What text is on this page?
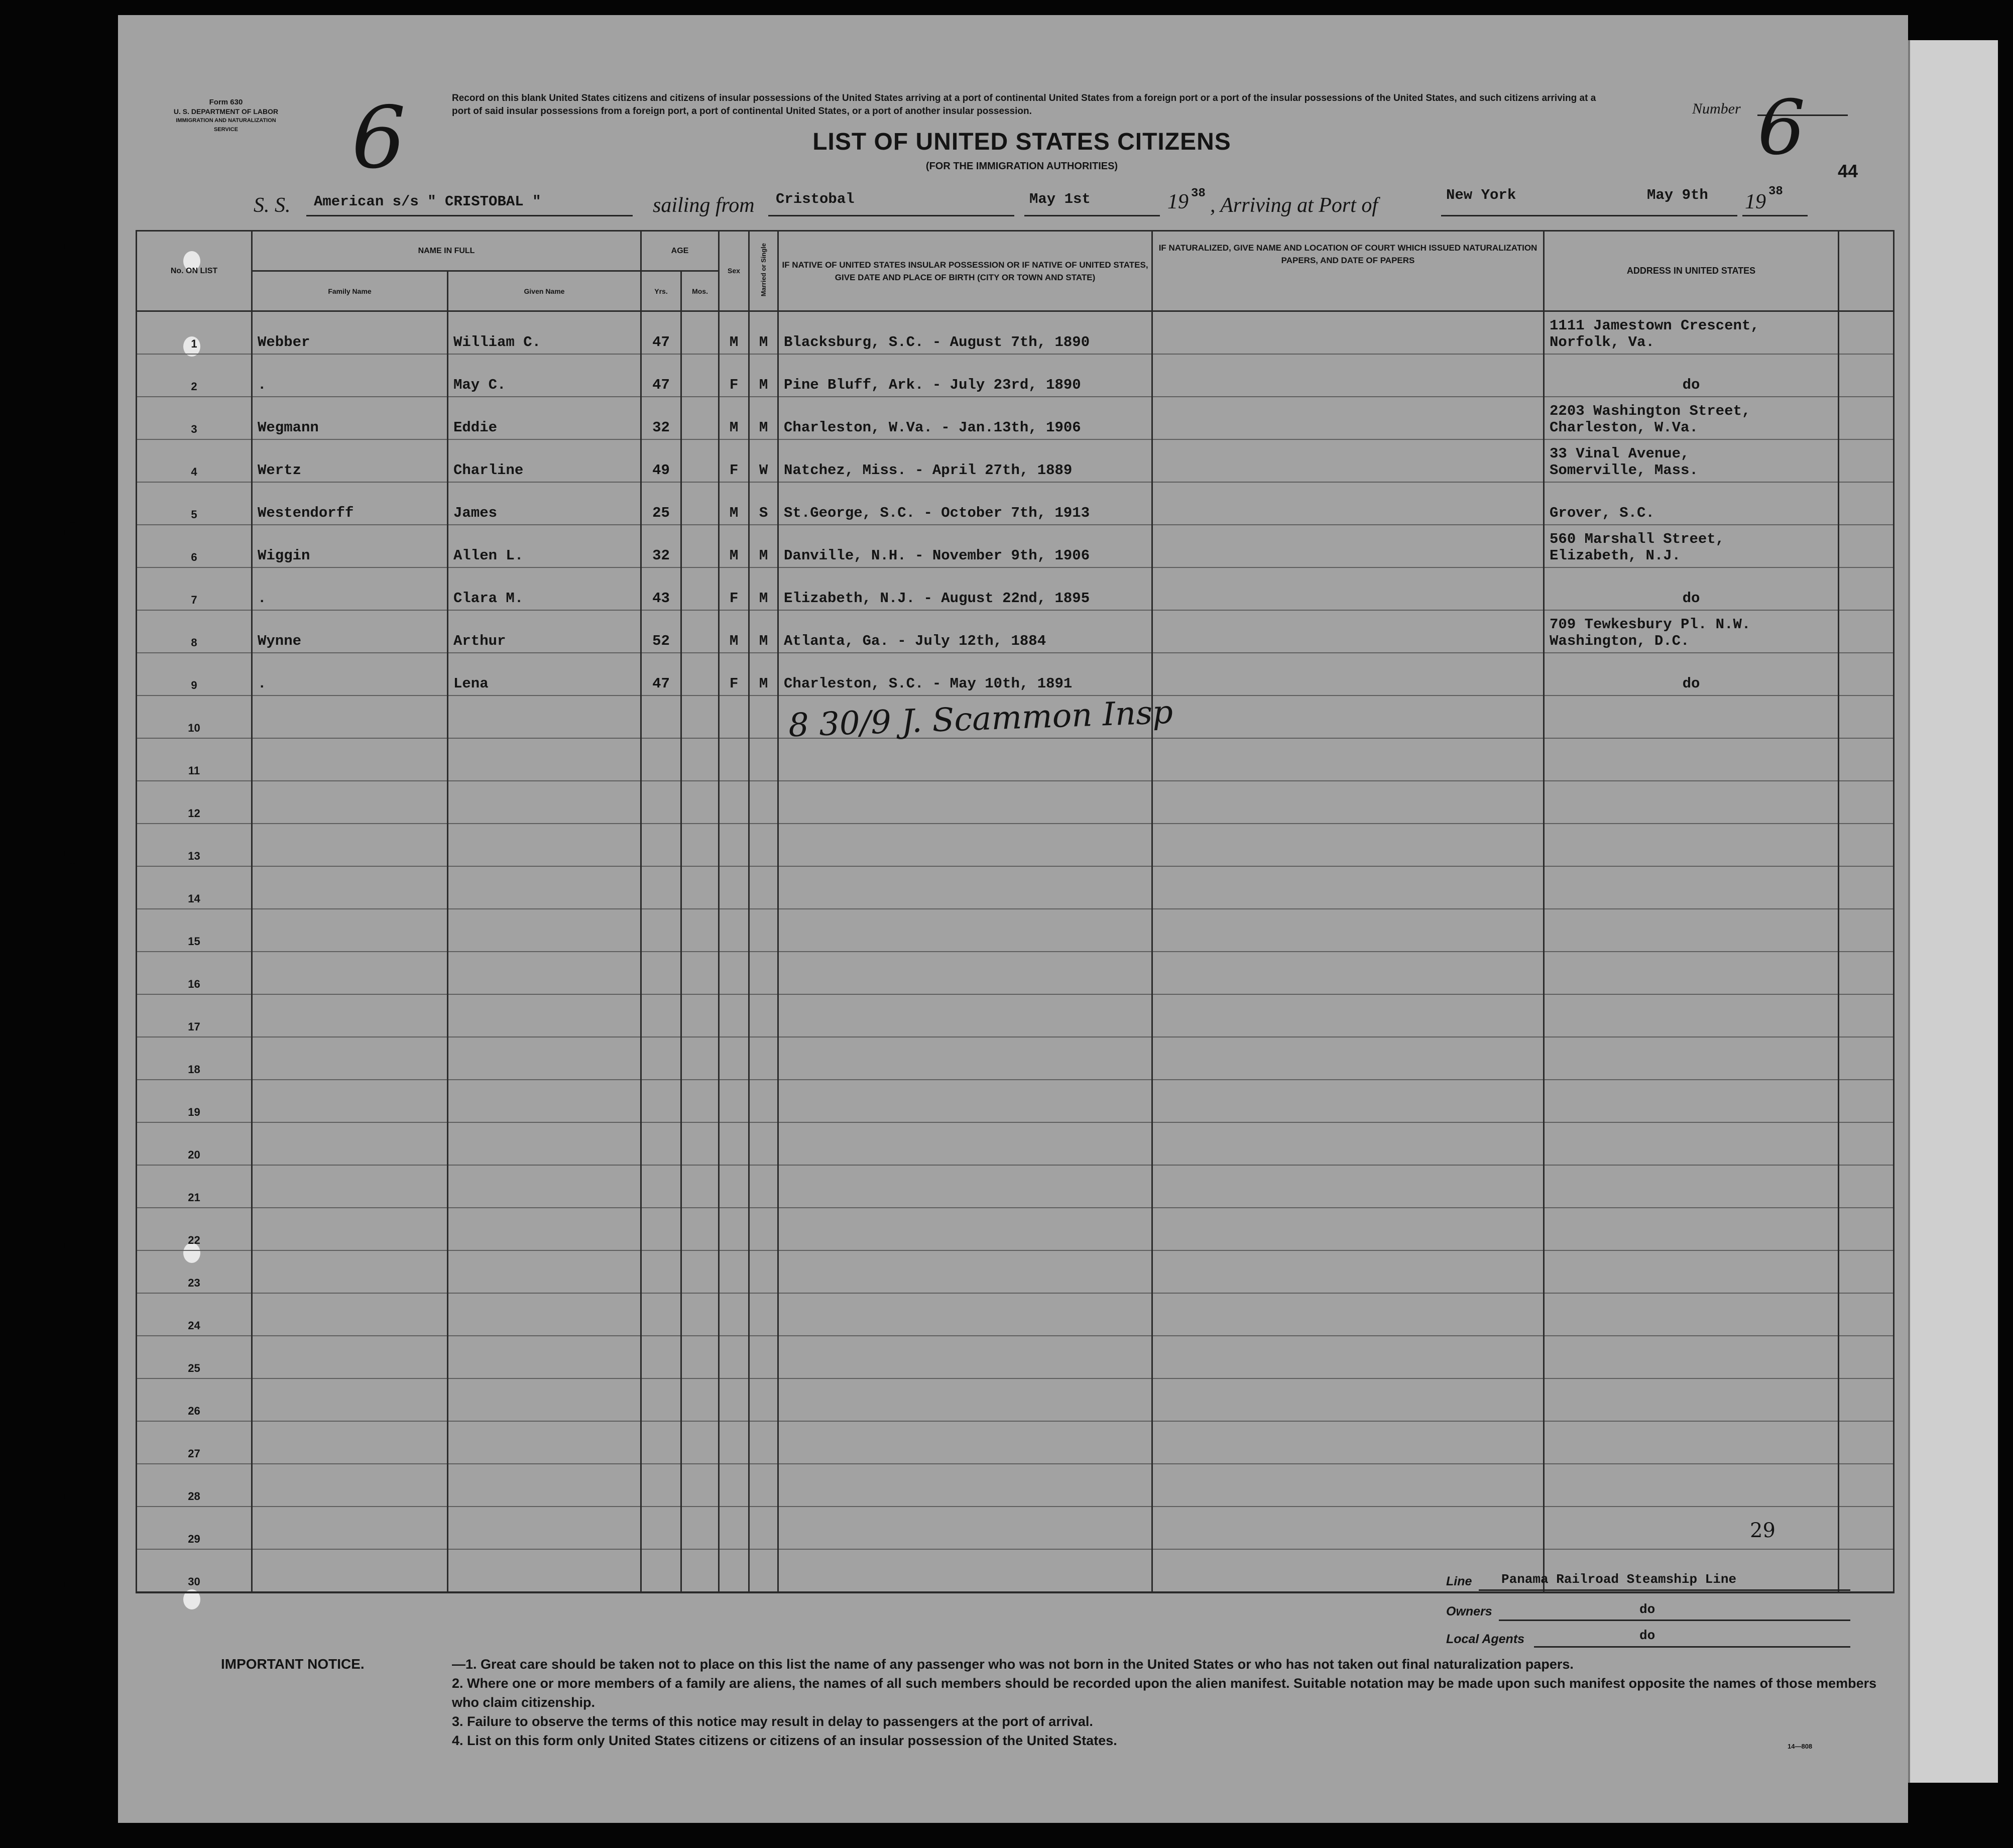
Form 630
U. S. DEPARTMENT OF LABOR
IMMIGRATION AND NATURALIZATION SERVICE	6	Record on this blank United States citizens and citizens of insular possessions of the United States arriving at a port of continental United States from a foreign port or a port of the insular possessions of the United States, and such citizens arriving at a port of said insular possessions from a foreign port, a port of continental United States, or a port of another insular possession.	Number 6 44
LIST OF UNITED STATES CITIZENS
(FOR THE IMMIGRATION AUTHORITIES)
S. S. American s/s " CRISTOBAL "	sailing from Cristobal	May 1st	19 38
, Arriving at Port of	New York	May 9th 19 38
No. ON LIST	NAME IN FULL		AGE		Sex	Married or Single	IF NATIVE OF UNITED STATES INSULAR POSSESSION OR IF NATIVE OF UNITED STATES, GIVE DATE AND PLACE OF BIRTH (CITY OR TOWN AND STATE)	IF NATURALIZED, GIVE NAME AND LOCATION OF COURT WHICH ISSUED NATURALIZATION PAPERS, AND DATE OF PAPERS	ADDRESS IN UNITED STATES	
	Family Name	Given Name	Yrs.	Mos.						
1	Webber	William C.	47		M	M	Blacksburg, S.C. - August 7th, 1890		1111 Jamestown Crescent,
Norfolk, Va.	

2	.	May C.	47		F	M	Pine Bluff, Ark. - July 23rd, 1890		do	

3	Wegmann	Eddie	32		M	M	Charleston, W.Va. - Jan.13th, 1906		2203 Washington Street,
Charleston, W.Va.	

4	Wertz	Charline	49		F	W	Natchez, Miss. - April 27th, 1889		33 Vinal Avenue,
Somerville, Mass.	

5	Westendorff	James	25		M	S	St.George, S.C. - October 7th, 1913		Grover, S.C.	

6	Wiggin	Allen L.	32		M	M	Danville, N.H. - November 9th, 1906		560 Marshall Street,
Elizabeth, N.J.	

7	.	Clara M.	43		F	M	Elizabeth, N.J. - August 22nd, 1895		do	

8	Wynne	Arthur	52		M	M	Atlanta, Ga. - July 12th, 1884		709 Tewkesbury Pl. N.W.
Washington, D.C.	

9	.	Lena	47		F	M	Charleston, S.C. - May 10th, 1891		do	

10										
11										
12										
13										
14										
15										
16										
17										
18										
19										
20										
21										
22										
23										
24										
25										
26										
27										
28										
29										
30										
8 30/9 J. Scammon Insp
29
Line Panama Railroad Steamship Line
Owners	do
Local Agents	do
IMPORTANT NOTICE.	—1. Great care should be taken not to place on this list the name of any passenger who was not born in the United States or who has not taken out final naturalization papers.
2. Where one or more members of a family are aliens, the names of all such members should be recorded upon the alien manifest. Suitable notation may be made upon such manifest opposite the names of those members who claim citizenship.
3. Failure to observe the terms of this notice may result in delay to passengers at the port of arrival.
4. List on this form only United States citizens or citizens of an insular possession of the United States.	14—808
